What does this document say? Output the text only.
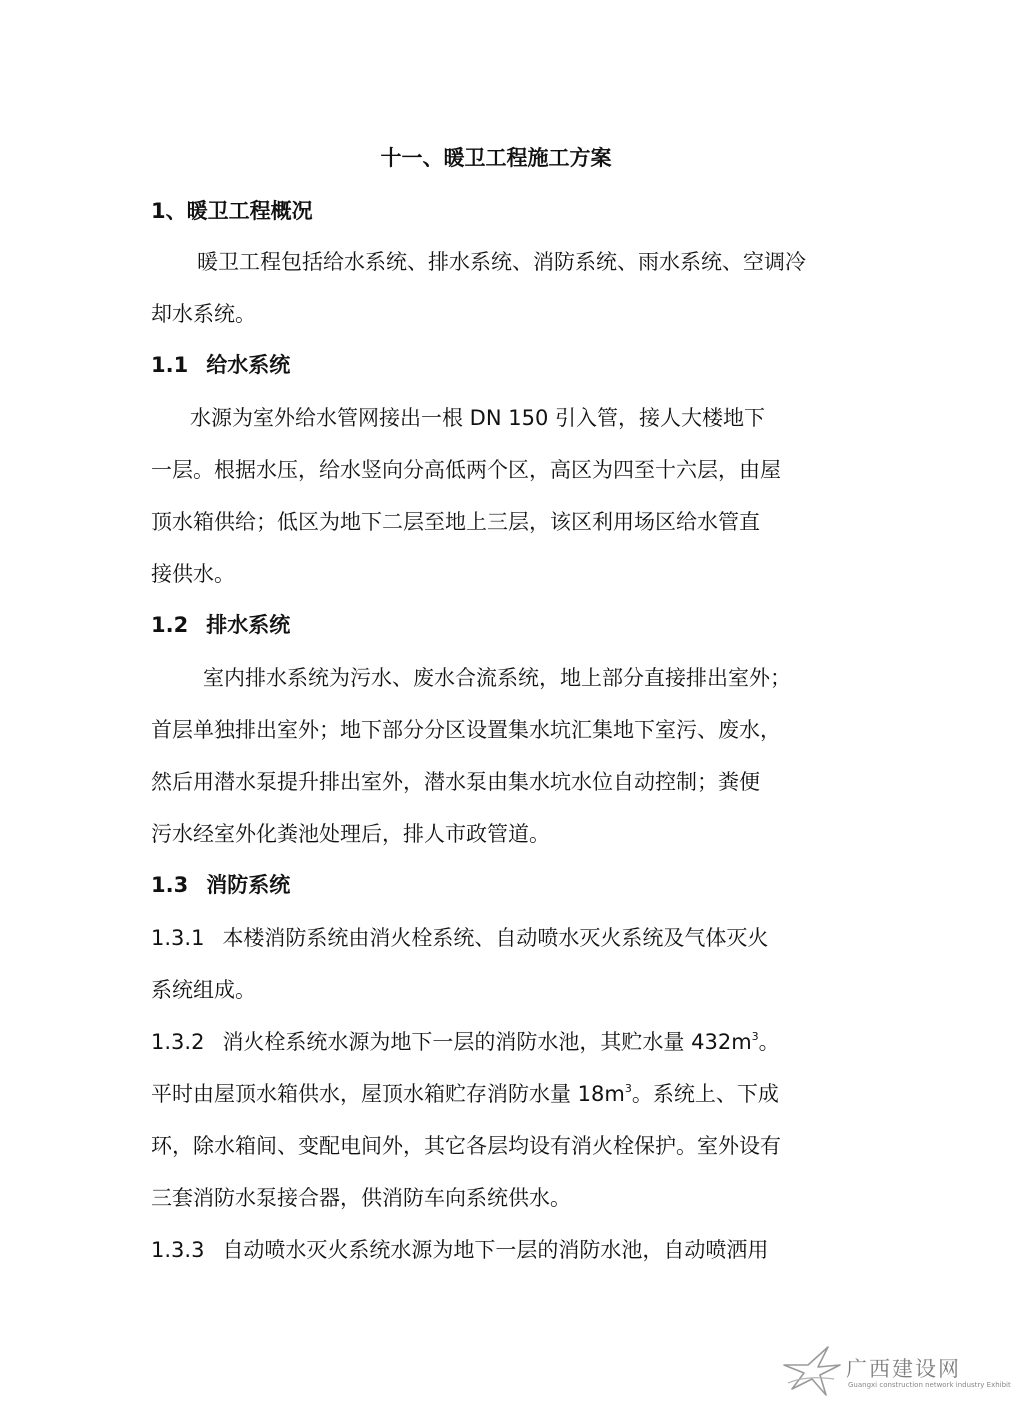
十一、暖卫工程施工方案
1、暖卫工程概况
暖卫工程包括给水系统、排水系统、消防系统、雨水系统、空调冷
却水系统。
1.1 给水系统
水源为室外给水管网接出一根 DN 150 引入管，接人大楼地下
一层。根据水压，给水竖向分高低两个区，高区为四至十六层，由屋
顶水箱供给；低区为地下二层至地上三层，该区利用场区给水管直
接供水。
1.2 排水系统
室内排水系统为污水、废水合流系统，地上部分直接排出室外；
首层单独排出室外；地下部分分区设置集水坑汇集地下室污、废水，
然后用潜水泵提升排出室外，潜水泵由集水坑水位自动控制；粪便
污水经室外化粪池处理后，排人市政管道。
1.3 消防系统
1.3.1 本楼消防系统由消火栓系统、自动喷水灭火系统及气体灭火
系统组成。
1.3.2 消火栓系统水源为地下一层的消防水池，其贮水量 $432m^3$。
平时由屋顶水箱供水，屋顶水箱贮存消防水量 $18m^3$。系统上、下成
环，除水箱间、变配电间外，其它各层均设有消火栓保护。室外设有
三套消防水泵接合器，供消防车向系统供水。
1.3.3 自动喷水灭火系统水源为地下一层的消防水池，自动喷洒用
广西建设网
Guangxi construction network industry Exhibit
